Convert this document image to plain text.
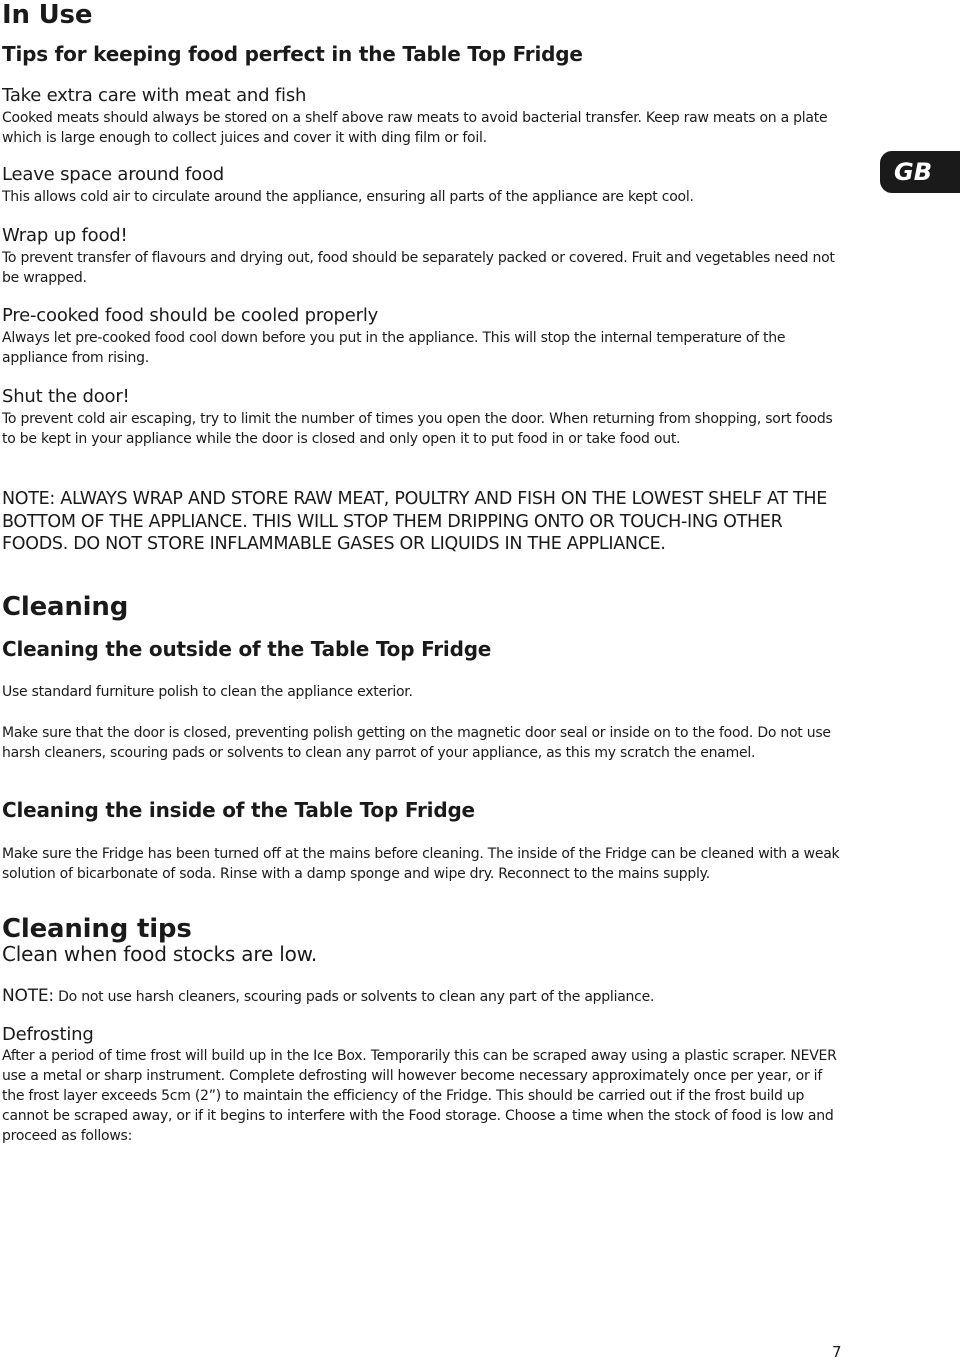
In Use
Tips for keeping food perfect in the Table Top Fridge
Take extra care with meat and fish

Cooked meats should always be stored on a shelf above raw meats to avoid bacterial transfer. Keep raw meats on a plate which is large enough to collect juices and cover it with ding film or foil.

Leave space around food

This allows cold air to circulate around the appliance, ensuring all parts of the appliance are kept cool.

Wrap up food!

To prevent transfer of flavours and drying out, food should be separately packed or covered. Fruit and vegetables need not be wrapped.

Pre-cooked food should be cooled properly

Always let pre-cooked food cool down before you put in the appliance. This will stop the internal temperature of the appliance from rising.

Shut the door!

To prevent cold air escaping, try to limit the number of times you open the door. When returning from shopping, sort foods to be kept in your appliance while the door is closed and only open it to put food in or take food out.

NOTE: ALWAYS WRAP AND STORE RAW MEAT, POULTRY AND FISH ON THE LOWEST SHELF AT THE BOTTOM OF THE APPLIANCE. THIS WILL STOP THEM DRIPPING ONTO OR TOUCH-ING OTHER FOODS. DO NOT STORE INFLAMMABLE GASES OR LIQUIDS IN THE APPLIANCE.

Cleaning
Cleaning the outside of the Table Top Fridge

Use standard furniture polish to clean the appliance exterior.

Make sure that the door is closed, preventing polish getting on the magnetic door seal or inside on to the food. Do not use harsh cleaners, scouring pads or solvents to clean any parrot of your appliance, as this my scratch the enamel.

Cleaning the inside of the Table Top Fridge

Make sure the Fridge has been turned off at the mains before cleaning. The inside of the Fridge can be cleaned with a weak solution of bicarbonate of soda. Rinse with a damp sponge and wipe dry. Reconnect to the mains supply.

Cleaning tips
Clean when food stocks are low.

NOTE: Do not use harsh cleaners, scouring pads or solvents to clean any part of the appliance.

Defrosting

After a period of time frost will build up in the Ice Box. Temporarily this can be scraped away using a plastic scraper. NEVER use a metal or sharp instrument. Complete defrosting will however become necessary approximately once per year, or if the frost layer exceeds 5cm (2”) to maintain the efficiency of the Fridge. This should be carried out if the frost build up cannot be scraped away, or if it begins to interfere with the Food storage. Choose a time when the stock of food is low and proceed as follows:

GB
7
